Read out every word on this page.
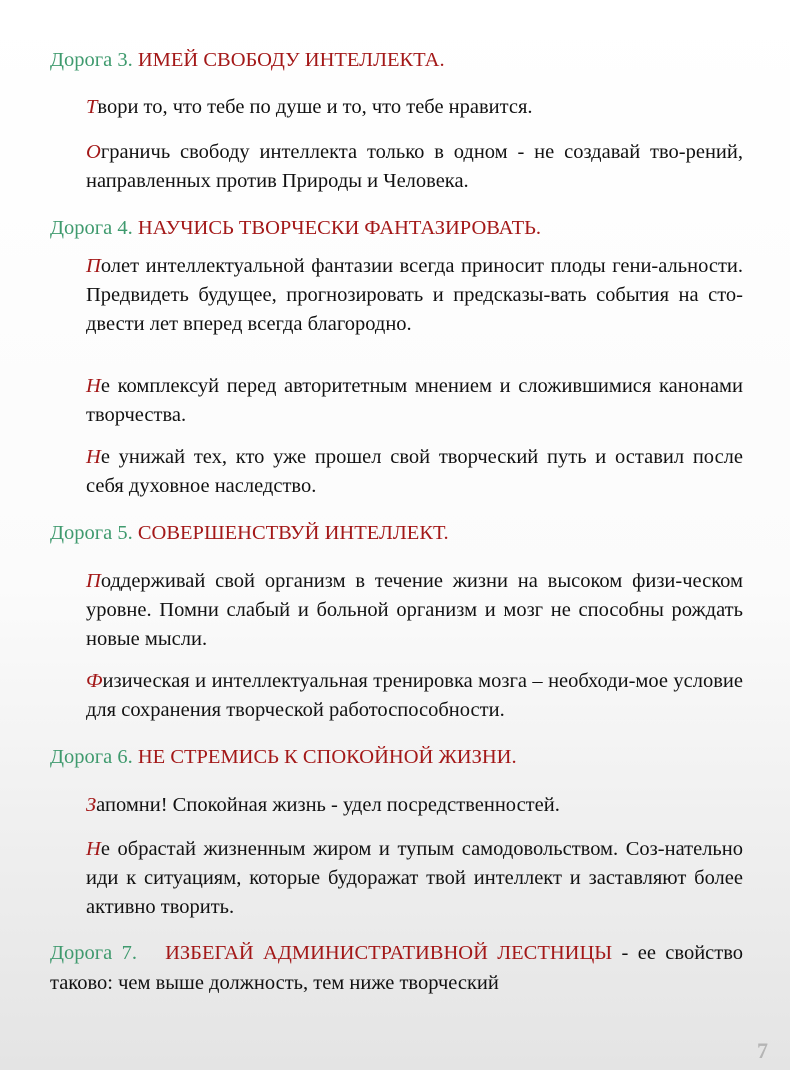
Дорога 3. ИМЕЙ СВОБОДУ ИНТЕЛЛЕКТА.

Твори то, что тебе по душе и то, что тебе нравится.

Ограничь свободу интеллекта только в одном - не создавай тво-рений, направленных против Природы и Человека.

Дорога 4. НАУЧИСЬ ТВОРЧЕСКИ ФАНТАЗИРОВАТЬ.

Полет интеллектуальной фантазии всегда приносит плоды гени-альности. Предвидеть будущее, прогнозировать и предсказы-вать события на сто-двести лет вперед всегда благородно.

Не комплексуй перед авторитетным мнением и сложившимися канонами творчества.

Не унижай тех, кто уже прошел свой творческий путь и оставил после себя духовное наследство.

Дорога 5. СОВЕРШЕНСТВУЙ ИНТЕЛЛЕКТ.

Поддерживай свой организм в течение жизни на высоком физи-ческом уровне. Помни слабый и больной организм и мозг не способны рождать новые мысли.

Физическая и интеллектуальная тренировка мозга – необходи-мое условие для сохранения творческой работоспособности.

Дорога 6. НЕ СТРЕМИСЬ К СПОКОЙНОЙ ЖИЗНИ.

Запомни! Спокойная жизнь - удел посредственностей.

Не обрастай жизненным жиром и тупым самодовольством. Соз-нательно иди к ситуациям, которые будоражат твой интеллект и заставляют более активно творить.

Дорога 7. ИЗБЕГАЙ АДМИНИСТРАТИВНОЙ ЛЕСТНИЦЫ - ее свойство таково: чем выше должность, тем ниже творческий

7
